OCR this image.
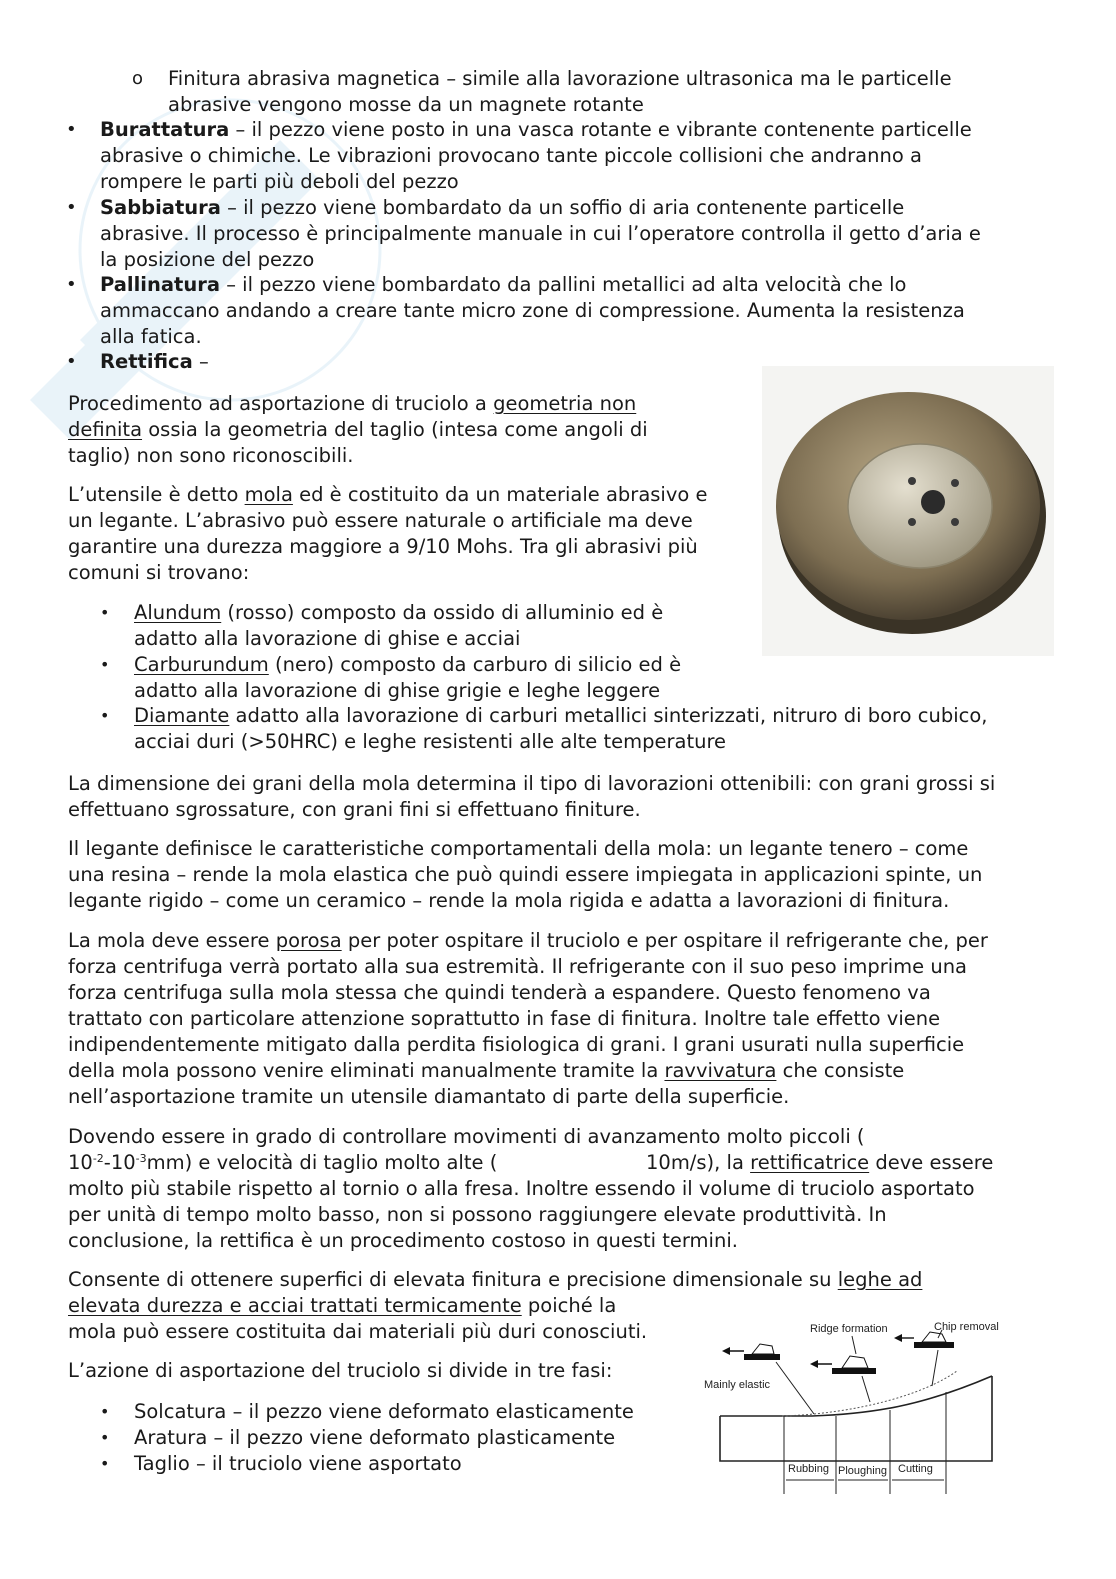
o Finitura abrasiva magnetica – simile alla lavorazione ultrasonica ma le particelle
abrasive vengono mosse da un magnete rotante
• Burattatura – il pezzo viene posto in una vasca rotante e vibrante contenente particelle
abrasive o chimiche. Le vibrazioni provocano tante piccole collisioni che andranno a
rompere le parti più deboli del pezzo
• Sabbiatura – il pezzo viene bombardato da un soffio di aria contenente particelle
abrasive. Il processo è principalmente manuale in cui l’operatore controlla il getto d’aria e
la posizione del pezzo
• Pallinatura – il pezzo viene bombardato da pallini metallici ad alta velocità che lo
ammaccano andando a creare tante micro zone di compressione. Aumenta la resistenza
alla fatica.
• Rettifica –
Procedimento ad asportazione di truciolo a geometria non
definita ossia la geometria del taglio (intesa come angoli di
taglio) non sono riconoscibili.
L’utensile è detto mola ed è costituito da un materiale abrasivo e
un legante. L’abrasivo può essere naturale o artificiale ma deve
garantire una durezza maggiore a 9/10 Mohs. Tra gli abrasivi più
comuni si trovano:
• Alundum (rosso) composto da ossido di alluminio ed è
adatto alla lavorazione di ghise e acciai
• Carburundum (nero) composto da carburo di silicio ed è
adatto alla lavorazione di ghise grigie e leghe leggere
• Diamante adatto alla lavorazione di carburi metallici sinterizzati, nitruro di boro cubico,
acciai duri (>50HRC) e leghe resistenti alle alte temperature
La dimensione dei grani della mola determina il tipo di lavorazioni ottenibili: con grani grossi si
effettuano sgrossature, con grani fini si effettuano finiture.
Il legante definisce le caratteristiche comportamentali della mola: un legante tenero – come
una resina – rende la mola elastica che può quindi essere impiegata in applicazioni spinte, un
legante rigido – come un ceramico – rende la mola rigida e adatta a lavorazioni di finitura.
La mola deve essere porosa per poter ospitare il truciolo e per ospitare il refrigerante che, per
forza centrifuga verrà portato alla sua estremità. Il refrigerante con il suo peso imprime una
forza centrifuga sulla mola stessa che quindi tenderà a espandere. Questo fenomeno va
trattato con particolare attenzione soprattutto in fase di finitura. Inoltre tale effetto viene
indipendentemente mitigato dalla perdita fisiologica di grani. I grani usurati nulla superficie
della mola possono venire eliminati manualmente tramite la ravvivatura che consiste
nell’asportazione tramite un utensile diamantato di parte della superficie.
Dovendo essere in grado di controllare movimenti di avanzamento molto piccoli (
$10^{-2}-10^{-3}mm$) e velocità di taglio molto alte (	10m/s), la rettificatrice deve essere
molto più stabile rispetto al tornio o alla fresa. Inoltre essendo il volume di truciolo asportato
per unità di tempo molto basso, non si possono raggiungere elevate produttività. In
conclusione, la rettifica è un procedimento costoso in questi termini.
Consente di ottenere superfici di elevata finitura e precisione dimensionale su leghe ad
elevata durezza e acciai trattati termicamente poiché la
mola può essere costituita dai materiali più duri conosciuti.
L’azione di asportazione del truciolo si divide in tre fasi:
• Solcatura – il pezzo viene deformato elasticamente
• Aratura – il pezzo viene deformato plasticamente
• Taglio – il truciolo viene asportato
Ridge formation	Chip removal
Mainly elastic
Rubbing Ploughing Cutting
